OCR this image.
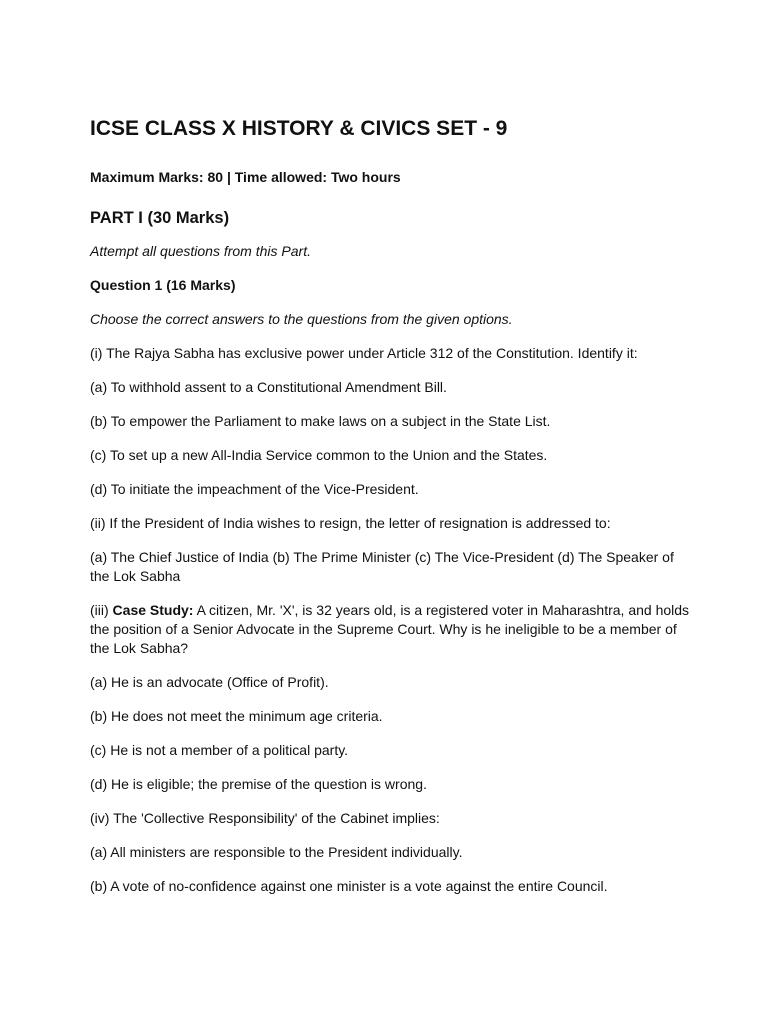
ICSE CLASS X HISTORY & CIVICS SET - 9
Maximum Marks: 80 | Time allowed: Two hours
PART I (30 Marks)

Attempt all questions from this Part.

Question 1 (16 Marks)

Choose the correct answers to the questions from the given options.

(i) The Rajya Sabha has exclusive power under Article 312 of the Constitution. Identify it:

(a) To withhold assent to a Constitutional Amendment Bill.

(b) To empower the Parliament to make laws on a subject in the State List.

(c) To set up a new All-India Service common to the Union and the States.

(d) To initiate the impeachment of the Vice-President.

(ii) If the President of India wishes to resign, the letter of resignation is addressed to:

(a) The Chief Justice of India (b) The Prime Minister (c) The Vice-President (d) The Speaker of the Lok Sabha

(iii) Case Study: A citizen, Mr. 'X', is 32 years old, is a registered voter in Maharashtra, and holds the position of a Senior Advocate in the Supreme Court. Why is he ineligible to be a member of the Lok Sabha?

(a) He is an advocate (Office of Profit).

(b) He does not meet the minimum age criteria.

(c) He is not a member of a political party.

(d) He is eligible; the premise of the question is wrong.

(iv) The 'Collective Responsibility' of the Cabinet implies:

(a) All ministers are responsible to the President individually.

(b) A vote of no-confidence against one minister is a vote against the entire Council.
